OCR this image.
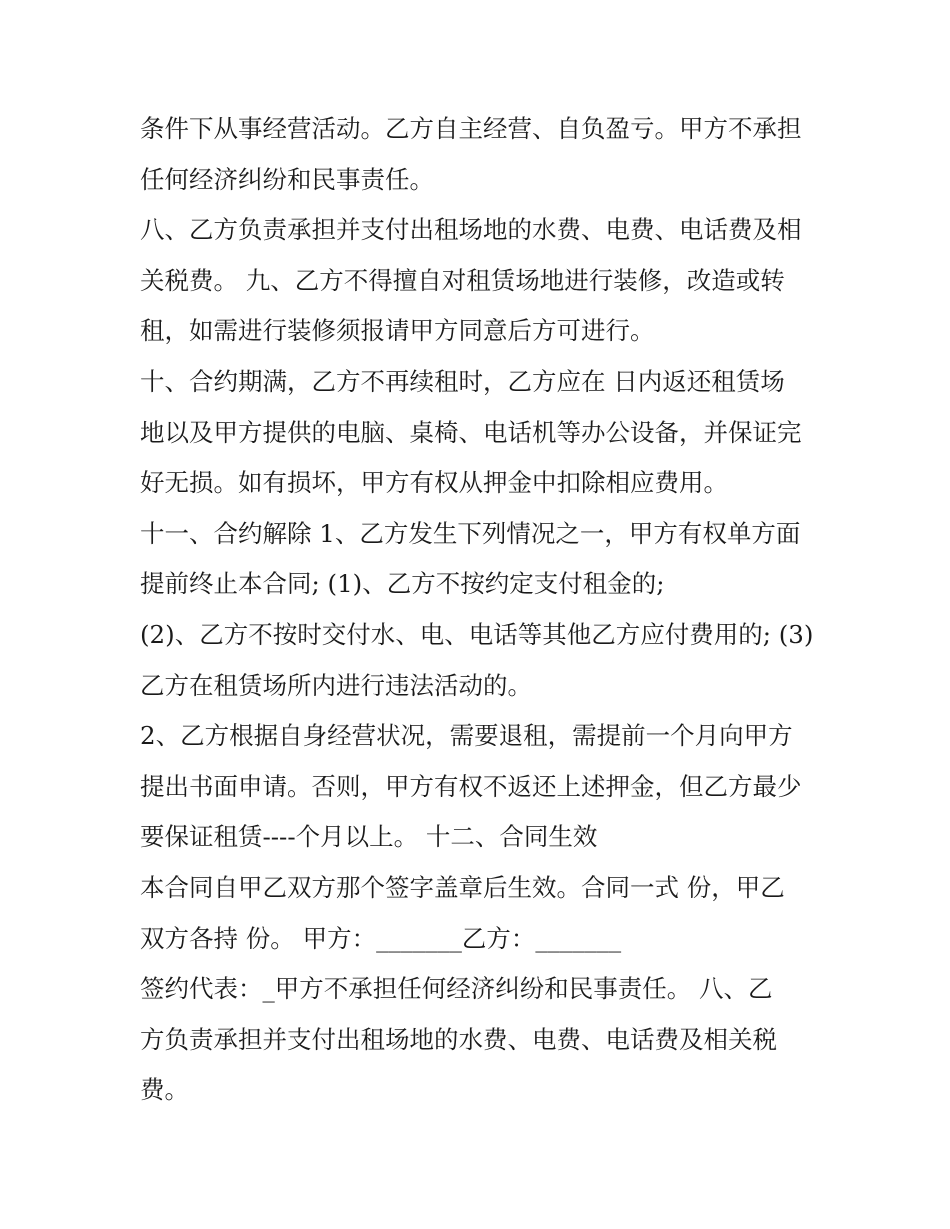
条件下从事经营活动。乙方自主经营、自负盈亏。甲方不承担
任何经济纠纷和民事责任。
八、乙方负责承担并支付出租场地的水费、电费、电话费及相
关税费。 九、乙方不得擅自对租赁场地进行装修，改造或转
租，如需进行装修须报请甲方同意后方可进行。
十、合约期满，乙方不再续租时，乙方应在 日内返还租赁场
地以及甲方提供的电脑、桌椅、电话机等办公设备，并保证完
好无损。如有损坏，甲方有权从押金中扣除相应费用。
十一、合约解除 1、乙方发生下列情况之一，甲方有权单方面
提前终止本合同; (1)、乙方不按约定支付租金的;
(2)、乙方不按时交付水、电、电话等其他乙方应付费用的; (3)
乙方在租赁场所内进行违法活动的。
2、乙方根据自身经营状况，需要退租，需提前一个月向甲方
提出书面申请。否则，甲方有权不返还上述押金，但乙方最少
要保证租赁----个月以上。 十二、合同生效
本合同自甲乙双方那个签字盖章后生效。合同一式 份，甲乙
双方各持 份。 甲方：_______乙方：_______
签约代表：_甲方不承担任何经济纠纷和民事责任。 八、乙
方负责承担并支付出租场地的水费、电费、电话费及相关税
费。
